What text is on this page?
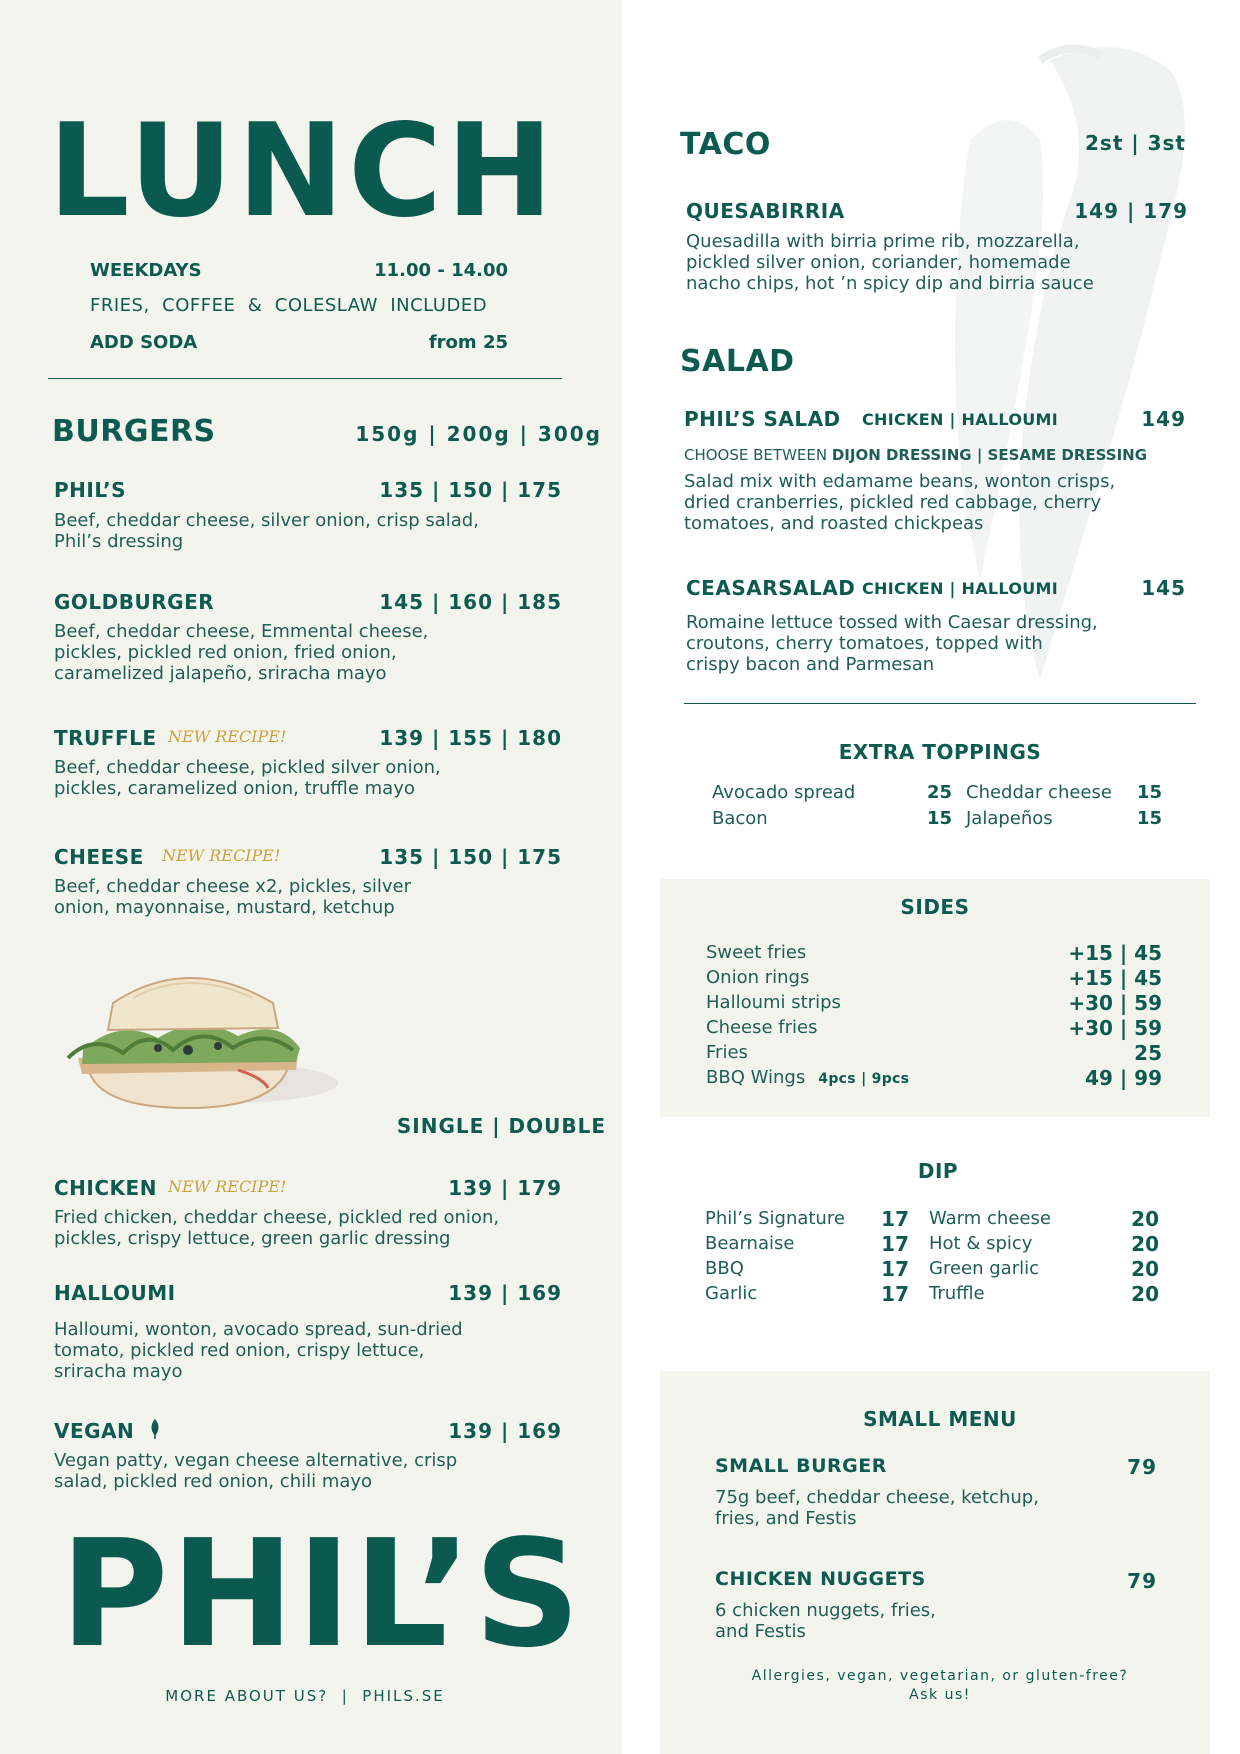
LUNCH
WEEKDAYS	11.00 - 14.00
FRIES,  COFFEE  &  COLESLAW  INCLUDED
ADD SODA	from 25
BURGERS	150g | 200g | 300g
PHIL’S	135 | 150 | 175
Beef, cheddar cheese, silver onion, crisp salad,
Phil’s dressing
GOLDBURGER	145 | 160 | 185
Beef, cheddar cheese, Emmental cheese,
pickles, pickled red onion, fried onion,
caramelized jalapeño, sriracha mayo
TRUFFLE NEW RECIPE!	139 | 155 | 180
Beef, cheddar cheese, pickled silver onion,
pickles, caramelized onion, truffle mayo
CHEESE NEW RECIPE!	135 | 150 | 175
Beef, cheddar cheese x2, pickles, silver
onion, mayonnaise, mustard, ketchup
SINGLE | DOUBLE
CHICKEN NEW RECIPE!	139 | 179
Fried chicken, cheddar cheese, pickled red onion,
pickles, crispy lettuce, green garlic dressing
HALLOUMI	139 | 169
Halloumi, wonton, avocado spread, sun-dried
tomato, pickled red onion, crispy lettuce,
sriracha mayo
VEGAN	139 | 169
Vegan patty, vegan cheese alternative, crisp
salad, pickled red onion, chili mayo
PHIL’S
MORE ABOUT US?  |  PHILS.SE
TACO	2st | 3st
QUESABIRRIA	149 | 179
Quesadilla with birria prime rib, mozzarella,
pickled silver onion, coriander, homemade
nacho chips, hot ’n spicy dip and birria sauce
SALAD
PHIL’S SALAD CHICKEN | HALLOUMI	149
CHOOSE BETWEEN DIJON DRESSING | SESAME DRESSING
Salad mix with edamame beans, wonton crisps,
dried cranberries, pickled red cabbage, cherry
tomatoes, and roasted chickpeas
CEASARSALAD CHICKEN | HALLOUMI	145
Romaine lettuce tossed with Caesar dressing,
croutons, cherry tomatoes, topped with
crispy bacon and Parmesan
EXTRA TOPPINGS
Avocado spread	25
Bacon	15
Cheddar cheese	15
Jalapeños	15
SIDES
Sweet fries	+15 | 45
Onion rings	+15 | 45
Halloumi strips	+30 | 59
Cheese fries	+30 | 59
Fries	25
BBQ Wings 4pcs | 9pcs	49 | 99
DIP
Phil’s Signature 17
Bearnaise	17
BBQ	17
Garlic	17
Warm cheese	20
Hot & spicy	20
Green garlic	20
Truffle	20
SMALL MENU
SMALL BURGER	79
75g beef, cheddar cheese, ketchup,
fries, and Festis
CHICKEN NUGGETS	79
6 chicken nuggets, fries,
and Festis
Allergies, vegan, vegetarian, or gluten-free?
Ask us!
